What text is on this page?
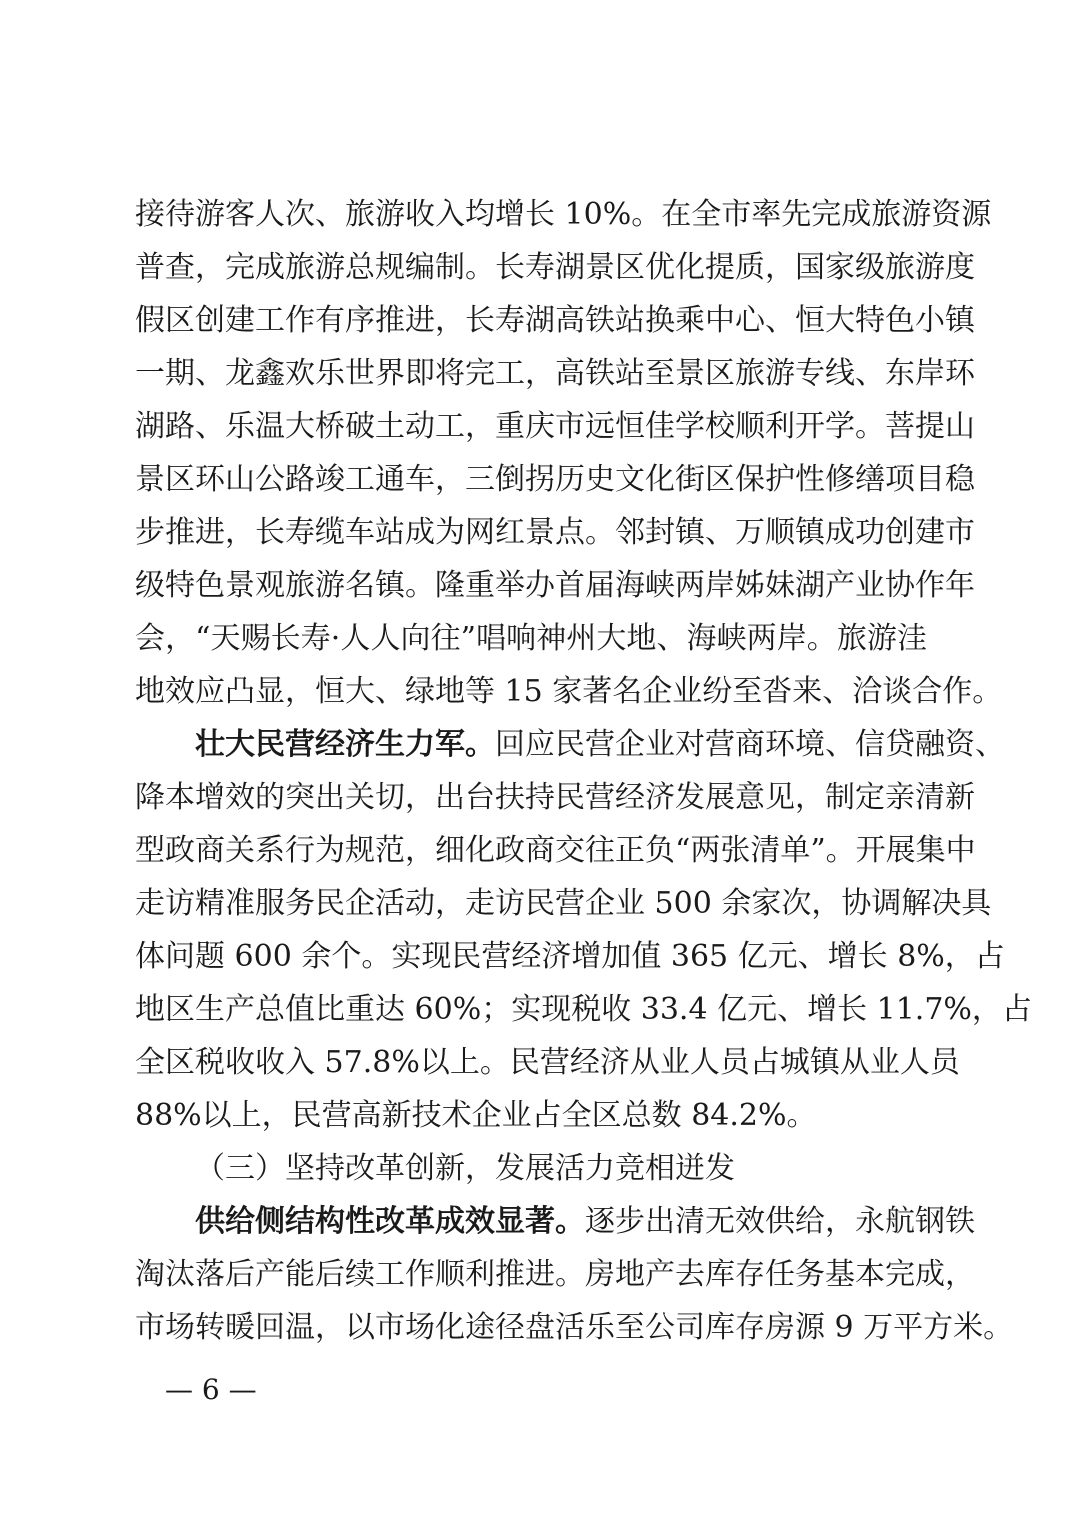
接待游客人次、旅游收入均增长 10%。在全市率先完成旅游资源
普查，完成旅游总规编制。长寿湖景区优化提质，国家级旅游度
假区创建工作有序推进，长寿湖高铁站换乘中心、恒大特色小镇
一期、龙鑫欢乐世界即将完工，高铁站至景区旅游专线、东岸环
湖路、乐温大桥破土动工，重庆市远恒佳学校顺利开学。菩提山
景区环山公路竣工通车，三倒拐历史文化街区保护性修缮项目稳
步推进，长寿缆车站成为网红景点。邻封镇、万顺镇成功创建市
级特色景观旅游名镇。隆重举办首届海峡两岸姊妹湖产业协作年
会，“天赐长寿·人人向往”唱响神州大地、海峡两岸。旅游洼
地效应凸显，恒大、绿地等 15 家著名企业纷至沓来、洽谈合作。
壮大民营经济生力军。回应民营企业对营商环境、信贷融资、
降本增效的突出关切，出台扶持民营经济发展意见，制定亲清新
型政商关系行为规范，细化政商交往正负“两张清单”。开展集中
走访精准服务民企活动，走访民营企业 500 余家次，协调解决具
体问题 600 余个。实现民营经济增加值 365 亿元、增长 8%，占
地区生产总值比重达 60%；实现税收 33.4 亿元、增长 11.7%，占
全区税收收入 57.8%以上。民营经济从业人员占城镇从业人员
88%以上，民营高新技术企业占全区总数 84.2%。
（三）坚持改革创新，发展活力竞相迸发
供给侧结构性改革成效显著。逐步出清无效供给，永航钢铁
淘汰落后产能后续工作顺利推进。房地产去库存任务基本完成，
市场转暖回温，以市场化途径盘活乐至公司库存房源 9 万平方米。
— 6 —
